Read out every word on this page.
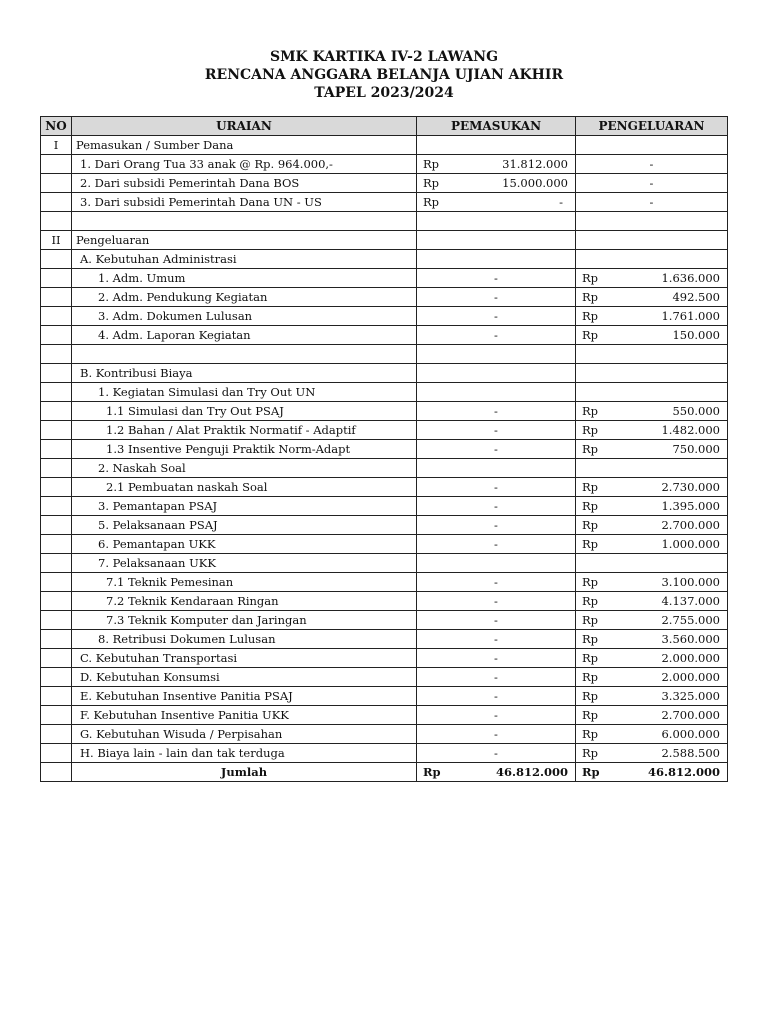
SMK KARTIKA IV-2 LAWANG
RENCANA ANGGARA BELANJA UJIAN AKHIR
TAPEL 2023/2024
NO	URAIAN	PEMASUKAN	PENGELUARAN
I	Pemasukan / Sumber Dana		
	1. Dari Orang Tua 33 anak @ Rp. 964.000,-	Rp 31.812.000	-
	2. Dari subsidi Pemerintah Dana BOS	Rp 15.000.000	-
	3. Dari subsidi Pemerintah Dana UN - US	Rp -	-

II	Pengeluaran		
	A. Kebutuhan Administrasi		
	1. Adm. Umum	-	Rp 1.636.000

	2. Adm. Pendukung Kegiatan	-	Rp 492.500

	3. Adm. Dokumen Lulusan	-	Rp 1.761.000

	4. Adm. Laporan Kegiatan	-	Rp 150.000

	B. Kontribusi Biaya		
	1. Kegiatan Simulasi dan Try Out UN		
	1.1 Simulasi dan Try Out PSAJ	-	Rp 550.000

	1.2 Bahan / Alat Praktik Normatif - Adaptif	-	Rp 1.482.000

	1.3 Insentive Penguji Praktik Norm-Adapt	-	Rp 750.000

	2. Naskah Soal		
	2.1 Pembuatan naskah Soal	-	Rp 2.730.000

	3. Pemantapan PSAJ	-	Rp 1.395.000

	5. Pelaksanaan PSAJ	-	Rp 2.700.000

	6. Pemantapan UKK	-	Rp 1.000.000

	7. Pelaksanaan UKK		
	7.1 Teknik Pemesinan	-	Rp 3.100.000

	7.2 Teknik Kendaraan Ringan	-	Rp 4.137.000

	7.3 Teknik Komputer dan Jaringan	-	Rp 2.755.000

	8. Retribusi Dokumen Lulusan	-	Rp 3.560.000

	C. Kebutuhan Transportasi	-	Rp 2.000.000

	D. Kebutuhan Konsumsi	-	Rp 2.000.000

	E. Kebutuhan Insentive Panitia PSAJ	-	Rp 3.325.000

	F. Kebutuhan Insentive Panitia UKK	-	Rp 2.700.000

	G. Kebutuhan Wisuda / Perpisahan	-	Rp 6.000.000

	H. Biaya lain - lain dan tak terduga	-	Rp 2.588.500

	Jumlah	Rp 46.812.000	Rp 46.812.000
